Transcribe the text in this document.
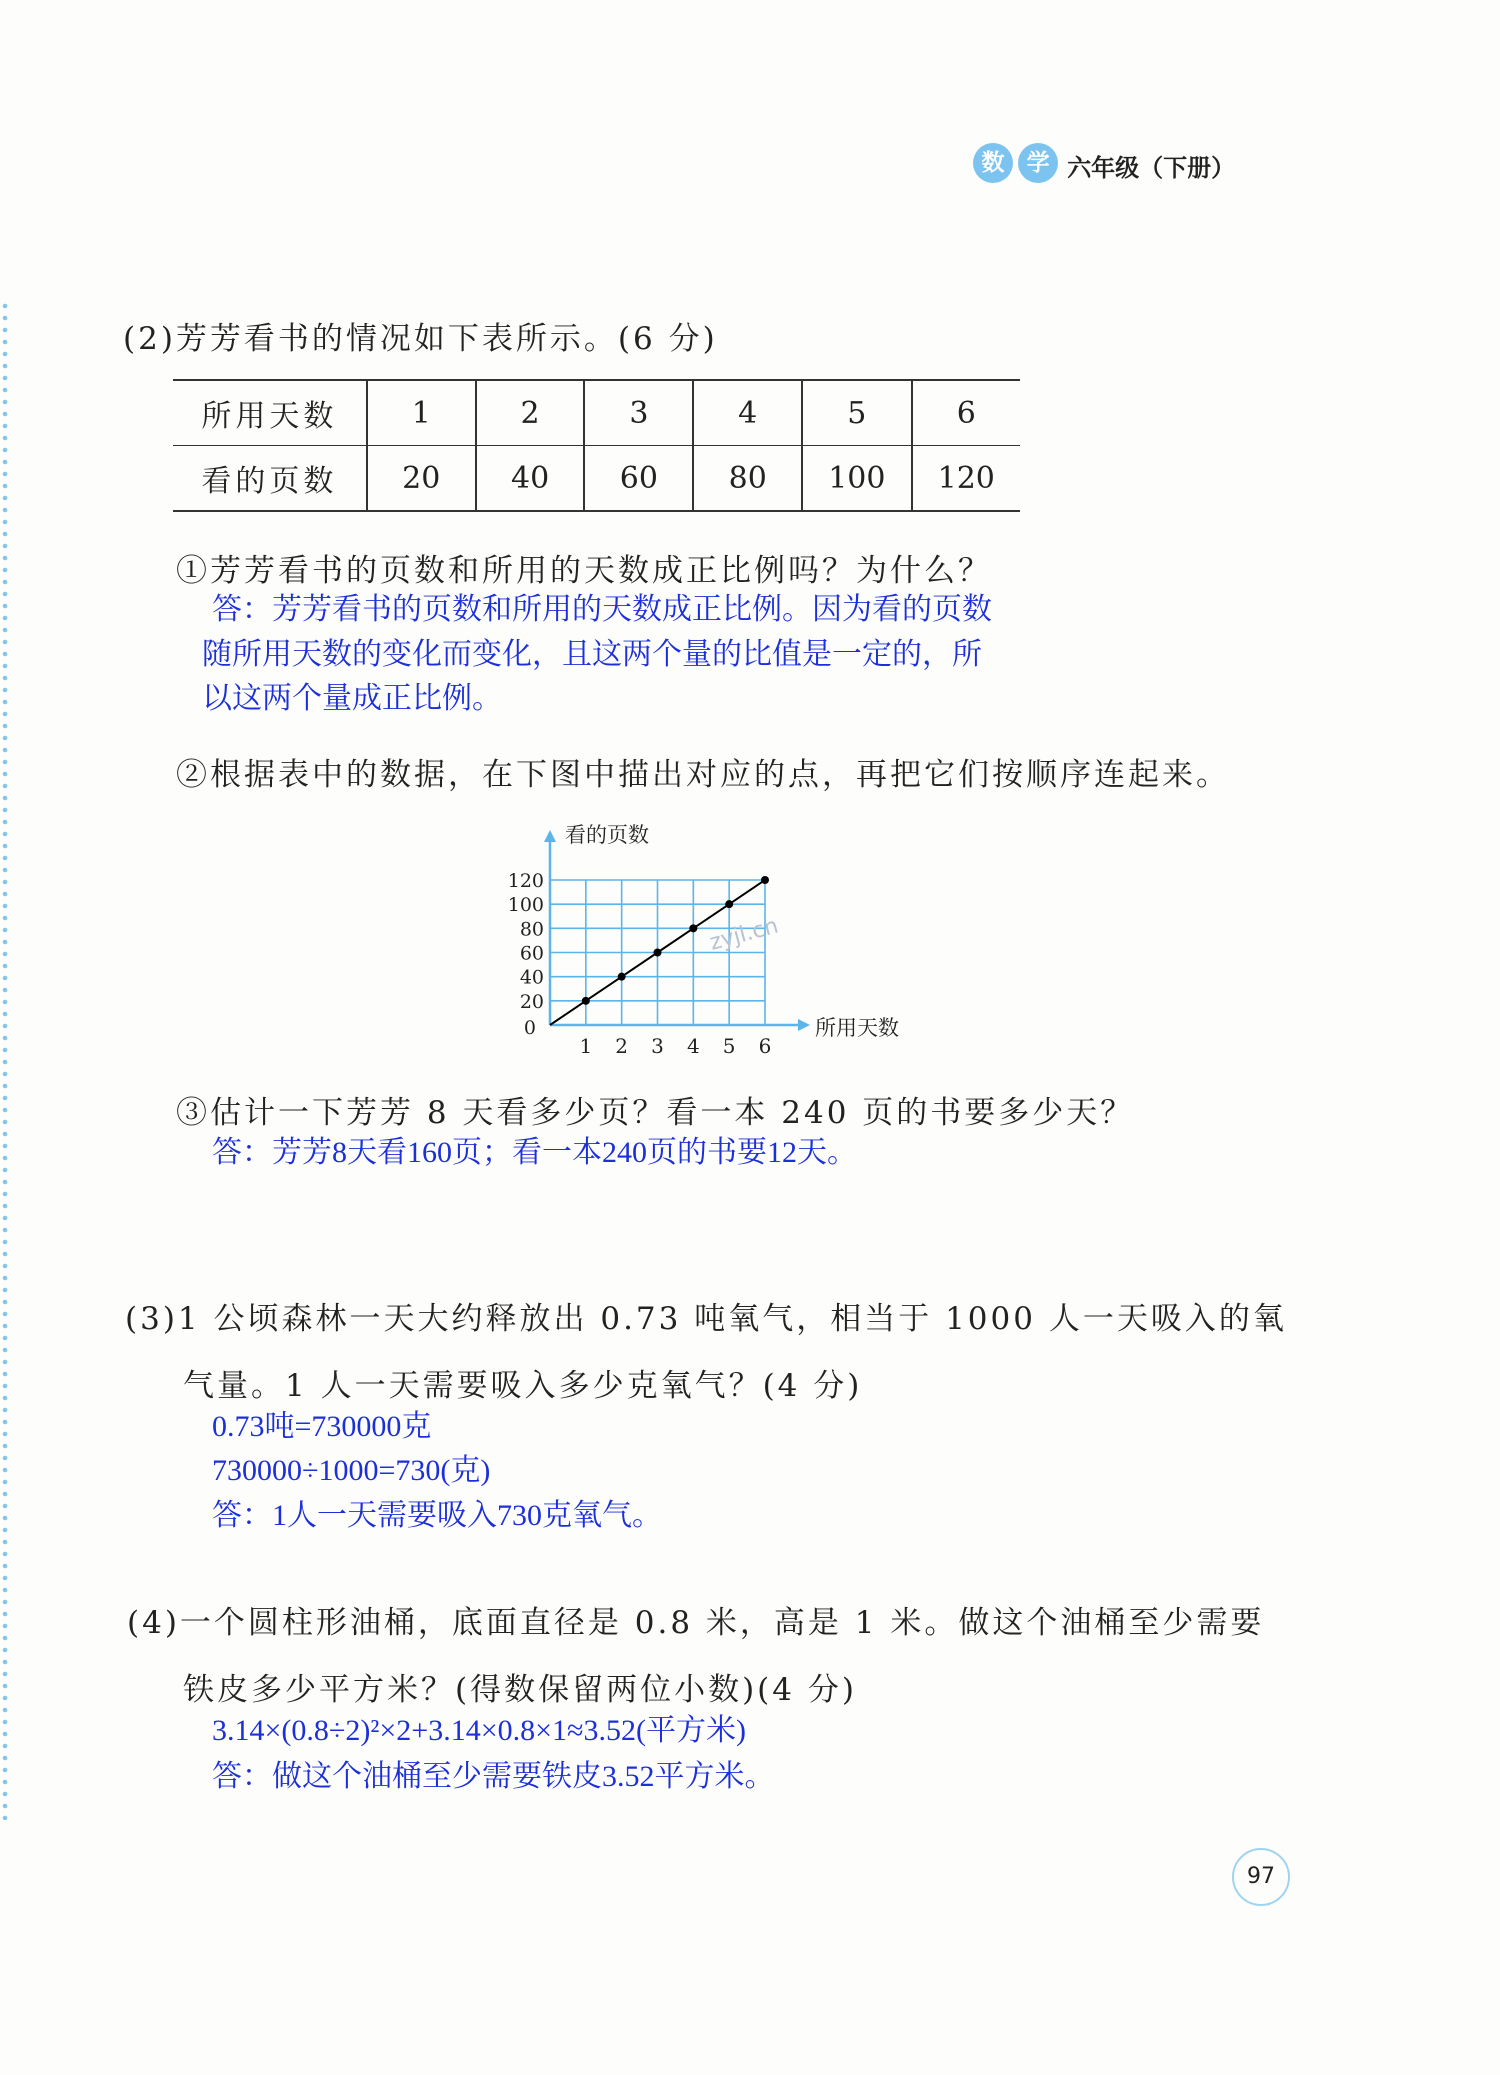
数 学 六年级（下册）
(2)芳芳看书的情况如下表所示。(6 分)
所用天数	1	2	3	4	5	6
看的页数	20	40	60	80	100	120
①芳芳看书的页数和所用的天数成正比例吗？为什么？
答：芳芳看书的页数和所用的天数成正比例。因为看的页数
随所用天数的变化而变化，且这两个量的比值是一定的，所
以这两个量成正比例。
②根据表中的数据，在下图中描出对应的点，再把它们按顺序连起来。
1 2 3 4 5 6
0
20
40
60
80
100
120
所用天数
看的页数
zyjl.cn
③估计一下芳芳 8 天看多少页？看一本 240 页的书要多少天？
答：芳芳8天看160页；看一本240页的书要12天。
(3)1 公顷森林一天大约释放出 0.73 吨氧气，相当于 1000 人一天吸入的氧
气量。1 人一天需要吸入多少克氧气？(4 分)
0.73吨=730000克
730000÷1000=730(克)
答：1人一天需要吸入730克氧气。
(4)一个圆柱形油桶，底面直径是 0.8 米，高是 1 米。做这个油桶至少需要
铁皮多少平方米？(得数保留两位小数)(4 分)
3.14×(0.8÷2)²×2+3.14×0.8×1≈3.52(平方米)
答：做这个油桶至少需要铁皮3.52平方米。
97
